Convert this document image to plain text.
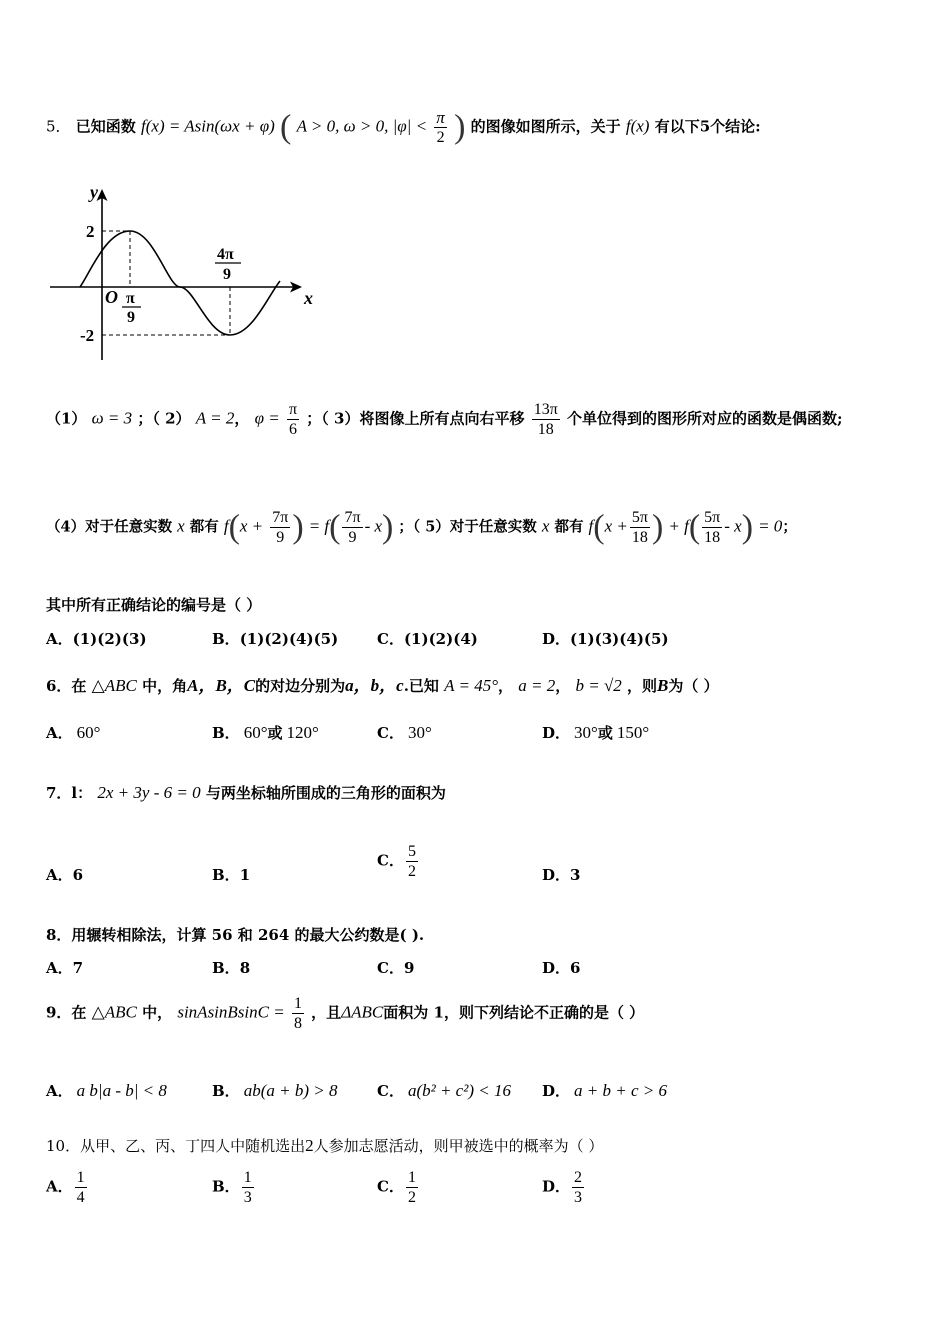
5． 已知函数 f(x) = Asin(ωx + φ) ( A > 0, ω > 0, $|\varphi| < \frac{\pi}{2}$ ) 的图像如图所示，关于 f(x) 有以下5个结论:
y
x
2
-2
O π
9
4π
9
（1） ω = 3 ；（ 2） A = 2， $\varphi = \frac{\pi}{6}$ ；（ 3）将图像上所有点向右平移 $\frac{13\pi}{18}$ 个单位得到的图形所对应的函数是偶函数;
（4）对于任意实数 x 都有 $f(x + \frac{7\pi}{9}$ ) = $f( \frac{7\pi}{9} - x)$ ；（ 5）对于任意实数 x 都有 $f(x + \frac{5\pi}{18}$ ) + $f( \frac{5\pi}{18} - x) = 0$；
其中所有正确结论的编号是（ ）
A．(1)(2)(3)	B．(1)(2)(4)(5)	C．(1)(2)(4)	D．(1)(3)(4)(5)
6．在 △ABC 中，角A，B，C的对边分别为a，b，c.已知 A = 45°， a = 2， b = √2 ，则B为（ ）
A． 60°	B． 60°或 120°	C． 30°	D． 30°或 150°
7．l： 2x + 3y - 6 = 0 与两坐标轴所围成的三角形的面积为
A．6	B．1
C． $\frac{5}{2}$	D．3
8．用辗转相除法，计算 56 和 264 的最大公约数是( ).
A．7	B．8	C．9	D．6
9．在 △ABC 中， sinAsinBsinC = $\frac{1}{8}$ ，且ΔABC面积为 1，则下列结论不正确的是（ ）
A． a b|a - b| < 8	B． ab(a + b) > 8	C． a(b² + c²) < 16 D． a + b + c > 6
10．从甲、乙、丙、丁四人中随机选出2人参加志愿活动，则甲被选中的概率为（ ）
A． $\frac{1}{4}$	B． $\frac{1}{3}$	C． $\frac{1}{2}$	D． $\frac{2}{3}$
